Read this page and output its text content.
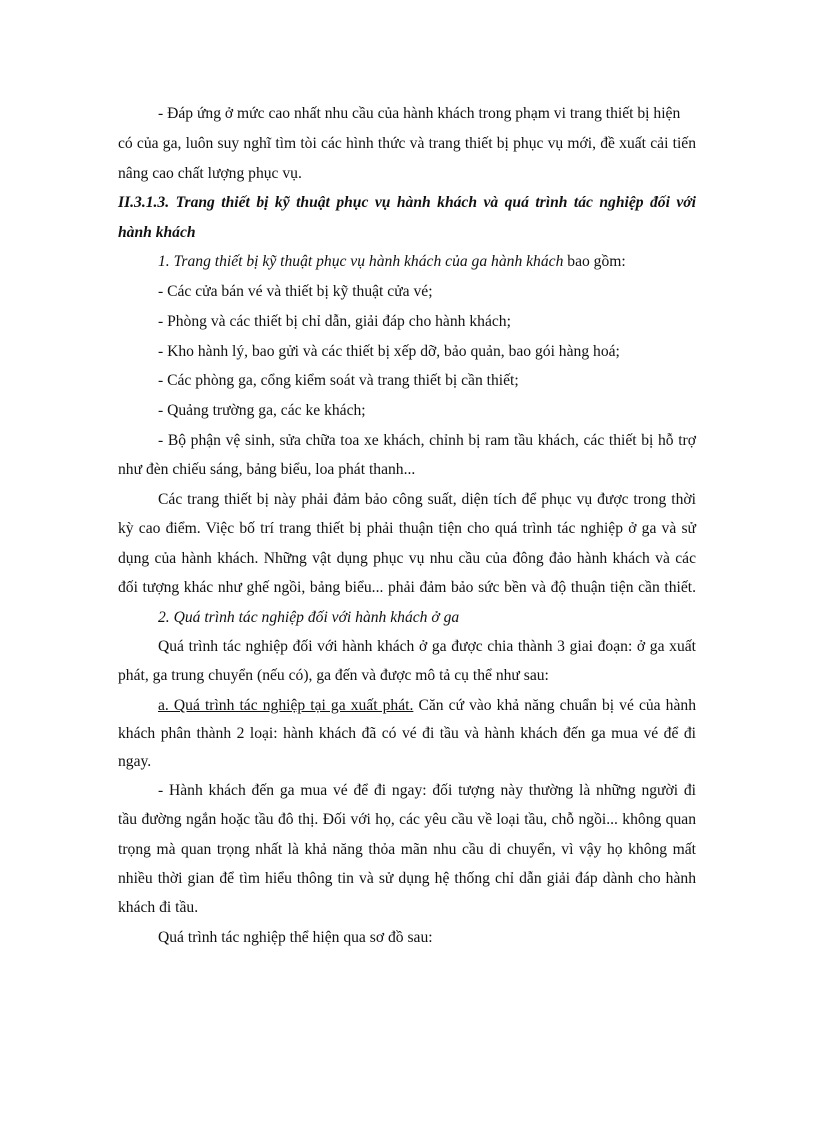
- Đáp ứng ở mức cao nhất nhu cầu của hành khách trong phạm vi trang thiết bị hiện
có của ga, luôn suy nghĩ tìm tòi các hình thức và trang thiết bị phục vụ mới, đề xuất cải tiến
nâng cao chất lượng phục vụ.
II.3.1.3. Trang thiết bị kỹ thuật phục vụ hành khách và quá trình tác nghiệp đối với
hành khách
1. Trang thiết bị kỹ thuật phục vụ hành khách của ga hành khách bao gồm:
- Các cửa bán vé và thiết bị kỹ thuật cửa vé;
- Phòng và các thiết bị chỉ dẫn, giải đáp cho hành khách;
- Kho hành lý, bao gửi và các thiết bị xếp dỡ, bảo quản, bao gói hàng hoá;
- Các phòng ga, cổng kiểm soát và trang thiết bị cần thiết;
- Quảng trường ga, các ke khách;
- Bộ phận vệ sinh, sửa chữa toa xe khách, chỉnh bị ram tầu khách, các thiết bị hỗ trợ
như đèn chiếu sáng, bảng biểu, loa phát thanh...
Các trang thiết bị này phải đảm bảo công suất, diện tích để phục vụ được trong thời
kỳ cao điểm. Việc bố trí trang thiết bị phải thuận tiện cho quá trình tác nghiệp ở ga và sử
dụng của hành khách. Những vật dụng phục vụ nhu cầu của đông đảo hành khách và các
đối tượng khác như ghế ngồi, bảng biểu... phải đảm bảo sức bền và độ thuận tiện cần thiết.
2. Quá trình tác nghiệp đối với hành khách ở ga
Quá trình tác nghiệp đối với hành khách ở ga được chia thành 3 giai đoạn: ở ga xuất
phát, ga trung chuyển (nếu có), ga đến và được mô tả cụ thể như sau:
a. Quá trình tác nghiệp tại ga xuất phát. Căn cứ vào khả năng chuẩn bị vé của hành
khách phân thành 2 loại: hành khách đã có vé đi tầu và hành khách đến ga mua vé để đi
ngay.
- Hành khách đến ga mua vé để đi ngay: đối tượng này thường là những người đi
tầu đường ngắn hoặc tầu đô thị. Đối với họ, các yêu cầu về loại tầu, chỗ ngồi... không quan
trọng mà quan trọng nhất là khả năng thỏa mãn nhu cầu di chuyển, vì vậy họ không mất
nhiều thời gian để tìm hiểu thông tin và sử dụng hệ thống chỉ dẫn giải đáp dành cho hành
khách đi tầu.
Quá trình tác nghiệp thể hiện qua sơ đồ sau:
